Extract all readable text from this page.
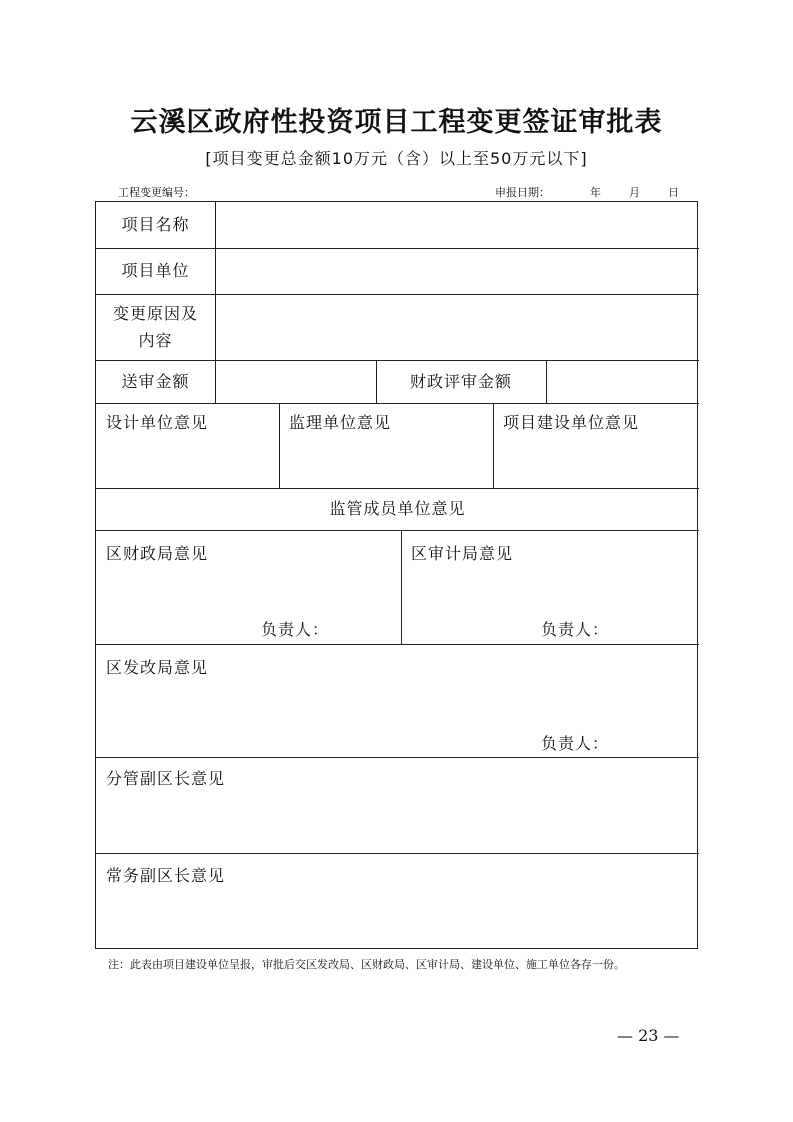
云溪区政府性投资项目工程变更签证审批表
[项目变更总金额10万元（含）以上至50万元以下]
工程变更编号：	申报日期：	年	月	日
项目名称
项目单位
变更原因及内容
送审金额	财政评审金额
设计单位意见	监理单位意见	项目建设单位意见
监管成员单位意见
区财政局意见
负责人：
区审计局意见
负责人：
区发改局意见
负责人：
分管副区长意见
常务副区长意见
注：此表由项目建设单位呈报，审批后交区发改局、区财政局、区审计局、建设单位、施工单位各存一份。
— 23 —
